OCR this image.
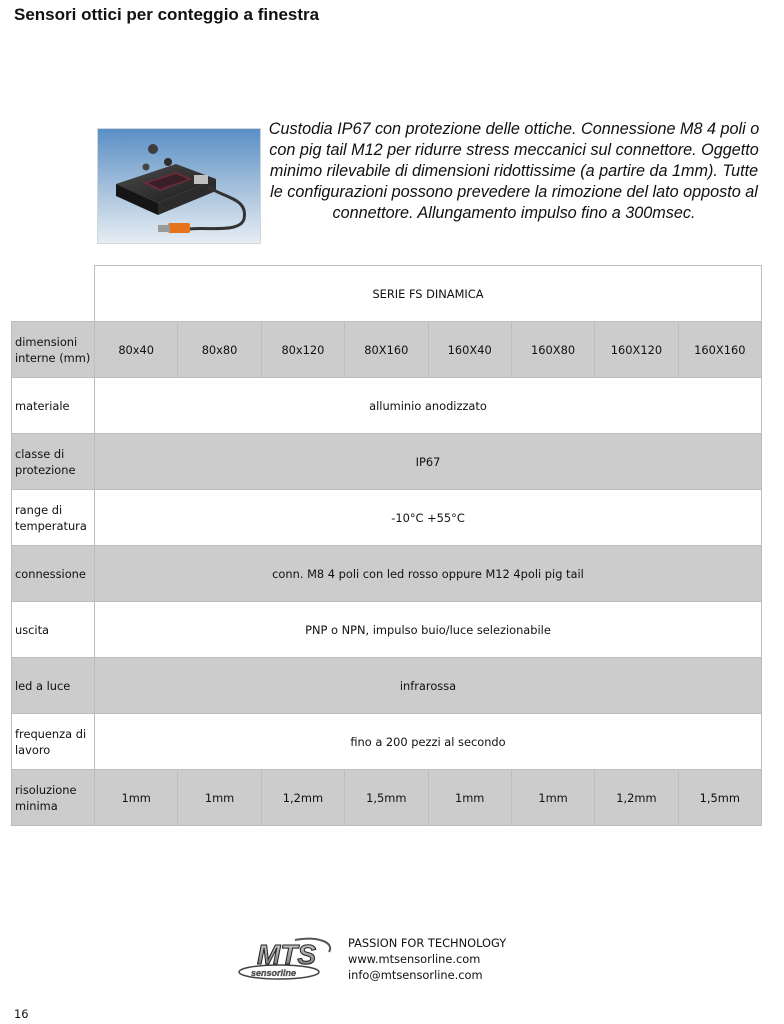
Sensori ottici per conteggio a finestra
Custodia IP67 con protezione delle ottiche. Connessione M8 4 poli o con pig tail M12 per ridurre stress meccanici sul connettore. Oggetto minimo rilevabile di dimensioni ridottissime (a partire da 1mm). Tutte le configurazioni possono prevedere la rimozione del lato opposto al connettore. Allungamento impulso fino a 300msec.
	SERIE FS DINAMICA							
dimensioni interne (mm)	80x40	80x80	80x120	80X160	160X40	160X80	160X120	160X160
materiale	alluminio anodizzato							
classe di protezione	IP67							
range di temperatura	-10°C +55°C							
connessione	conn. M8 4 poli con led rosso oppure M12 4poli pig tail							
uscita	PNP o NPN, impulso buio/luce selezionabile							
led a luce	infrarossa							
frequenza di lavoro	fino a 200 pezzi al secondo							
risoluzione minima	1mm	1mm	1,2mm	1,5mm	1mm	1mm	1,2mm	1,5mm
MTS
sensorline
PASSION FOR TECHNOLOGY
www.mtsensorline.com
info@mtsensorline.com
16
